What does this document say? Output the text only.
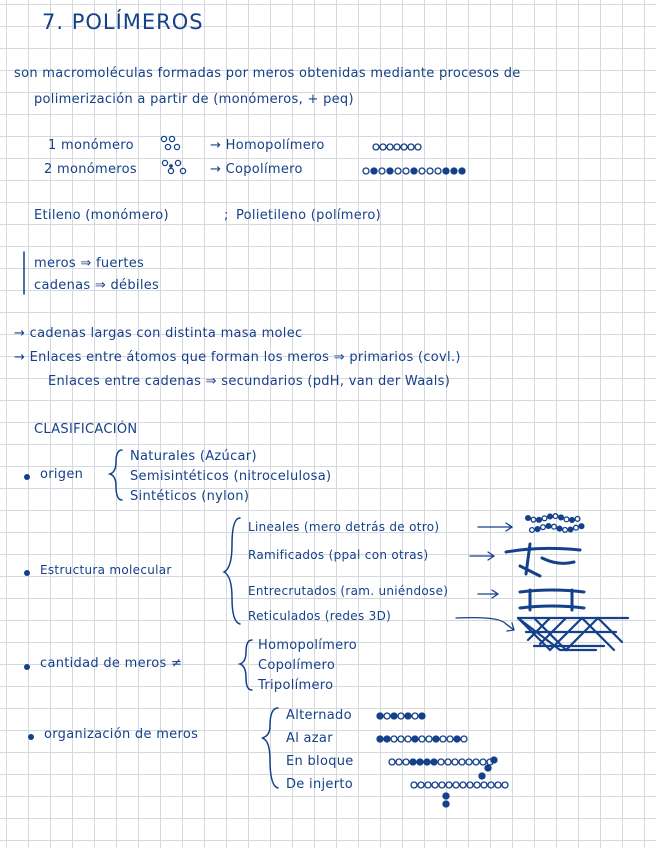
7. POLÍMEROS
son macromoléculas formadas por meros obtenidas mediante procesos de
polimerización a partir de (monómeros, + peq)
1 monómero	→ Homopolímero
2 monómeros	→ Copolímero
Etileno (monómero)	; Polietileno (polímero)
meros ⇒ fuertes
cadenas ⇒ débiles
→ cadenas largas con distinta masa molec
→ Enlaces entre átomos que forman los meros ⇒ primarios (covl.)
Enlaces entre cadenas ⇒ secundarios (pdH, van der Waals)
CLASIFICACIÓN
origen
Naturales (Azúcar)
Semisintéticos (nitrocelulosa)
Sintéticos (nylon)
Estructura molecular
Lineales (mero detrás de otro)
Ramificados (ppal con otras)
Entrecrutados (ram. uniéndose)
Reticulados (redes 3D)
cantidad de meros ≠
Homopolímero
Copolímero
Tripolímero
organización de meros
Alternado
Al azar
En bloque
De injerto
